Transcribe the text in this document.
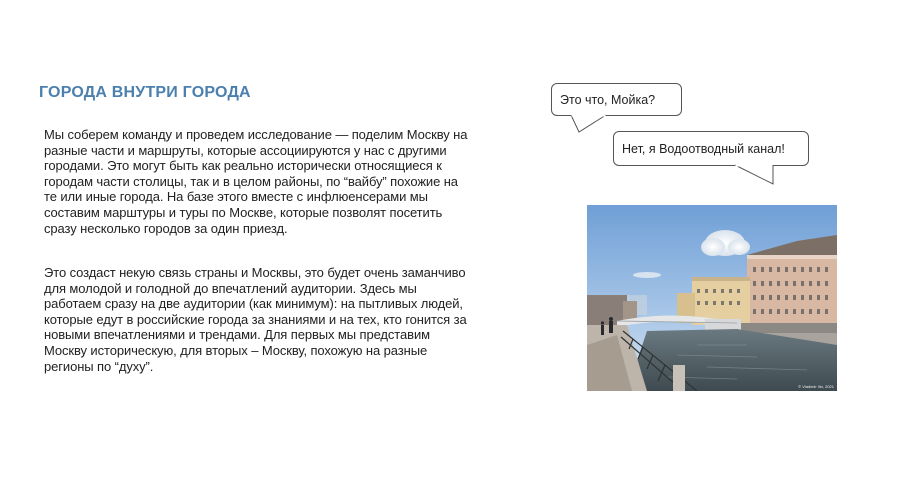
ГОРОДА ВНУТРИ ГОРОДА
Мы соберем команду и проведем исследование — поделим Москву на разные части и маршруты, которые ассоциируются у нас с другими городами. Это могут быть как реально исторически относящиеся к городам части столицы, так и в целом районы, по “вайбу” похожие на те или иные города. На базе этого вместе с инфлюенсерами мы составим марштуры и туры по Москве, которые позволят посетить сразу несколько городов за один приезд.
Это создаст некую связь страны и Москвы, это будет очень заманчиво для молодой и голодной до впечатлений аудитории. Здесь мы работаем сразу на две аудитории (как минимум): на пытливых людей, которые едут в российские города за знаниями и на тех, кто гонится за новыми впечатлениями и трендами. Для первых мы представим Москву историческую, для вторых – Москву, похожую на разные регионы по “духу”.
Это что, Мойка?
Нет, я Водоотводный канал!
© Vladimir Ilin, 2021
